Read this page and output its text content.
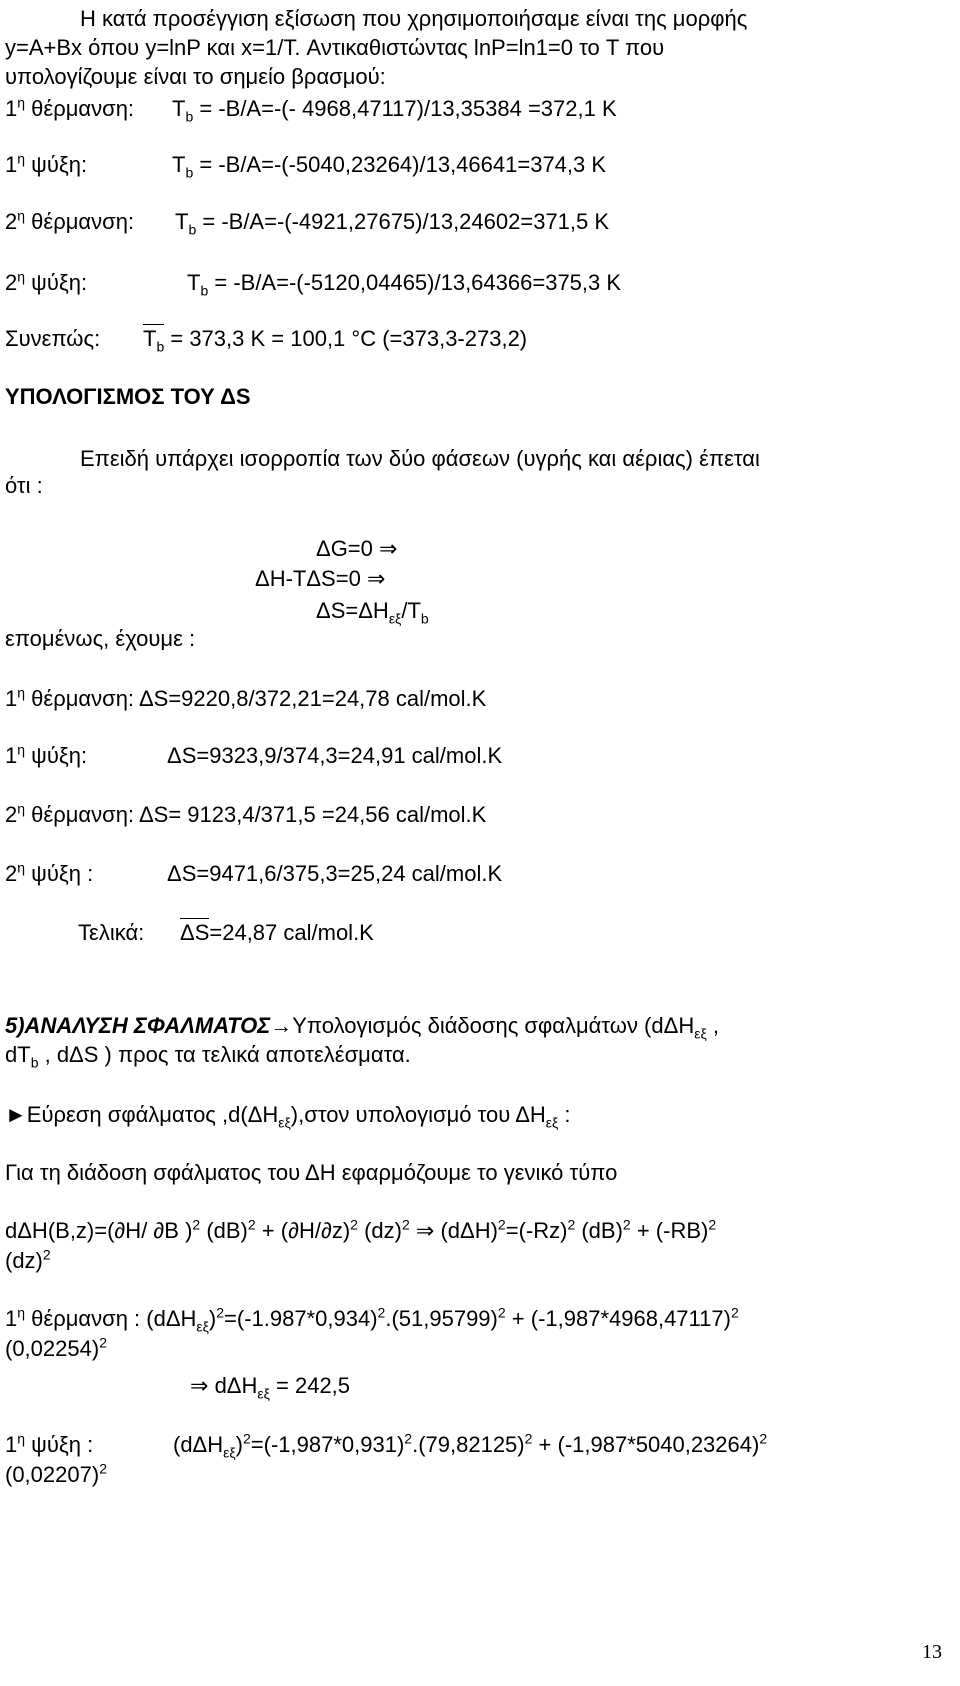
Η κατά προσέγγιση εξίσωση που χρησιμοποιήσαμε είναι της μορφής
y=A+Bx όπου y=lnP και x=1/T. Αντικαθιστώντας lnP=ln1=0 το T που
υπολογίζουμε είναι το σημείο βρασμού:
$1^\eta$ θέρμανση: $T_b = -B/A=-(-$ 4968,47117)/13,35384 =372,1 K
$1^\eta$ ψύξη:	$T_b = -B/A=-(-5040,23264)/13,46641=374,3$ K
$2^\eta$ θέρμανση: $T_b = -B/A=-(-4921,27675)/13,24602=371,5$ K
$2^\eta$ ψύξη:	$T_b = -B/A=-(-5120,04465)/13,64366=375,3$ K
Συνεπώς: $T_b = 373,3$ K = 100,1 °C (=373,3-273,2)
ΥΠΟΛΟΓΙΣΜΟΣ ΤΟΥ ΔS
Επειδή υπάρχει ισορροπία των δύο φάσεων (υγρής και αέριας) έπεται
ότι :
ΔG=0 ⇒
ΔH-TΔS=0 ⇒
$\Delta S=\Delta H_{\varepsilon\xi}/T_b$
επομένως, έχουμε :
$1^\eta$ θέρμανση: ΔS=9220,8/372,21=24,78 cal/mol.K
$1^\eta$ ψύξη:	ΔS=9323,9/374,3=24,91 cal/mol.K
$2^\eta$ θέρμανση: ΔS= 9123,4/371,5 =24,56 cal/mol.K
$2^\eta$ ψύξη :	ΔS=9471,6/375,3=25,24 cal/mol.K
Τελικά: ΔS=24,87 cal/mol.K
5)ΑΝΑΛΥΣΗ ΣΦΑΛΜΑΤΟΣ→Υπολογισμός διάδοσης σφαλμάτων (dΔH$_{\varepsilon\xi}$ ,
$dT_b$ , dΔS ) προς τα τελικά αποτελέσματα.
►Εύρεση σφάλματος $,d(\Delta H_{\varepsilon\xi}),\sigma\tau o\nu$ υπολογισμό του $\Delta H_{\varepsilon\xi}$ :
Για τη διάδοση σφάλματος του ΔH εφαρμόζουμε το γενικό τύπο
dΔH(B,z)=(∂H/ ∂B )$^2$ $(dB)^2 + (\partial H/\partial z)^2$ (dz)$^2$ ⇒ $(d\Delta H)^2=(-Rz)^2$ $(dB)^2 + (-RB)^2$
(dz)$^2$
$1^\eta$ θέρμανση : $(d\Delta H_{\varepsilon\xi})^2=(-1.987*0,934)^2.(51,95799)^2 + (-1,987*4968,47117)^2$
$(0,02254)^2$
⇒ dΔH$_{\varepsilon\xi}$ = 242,5
$1^\eta$ ψύξη :	$(d\Delta H_{\varepsilon\xi})^2=(-1,987*0,931)^2.(79,82125)^2 + (-1,987*5040,23264)^2$
$(0,02207)^2$
13
